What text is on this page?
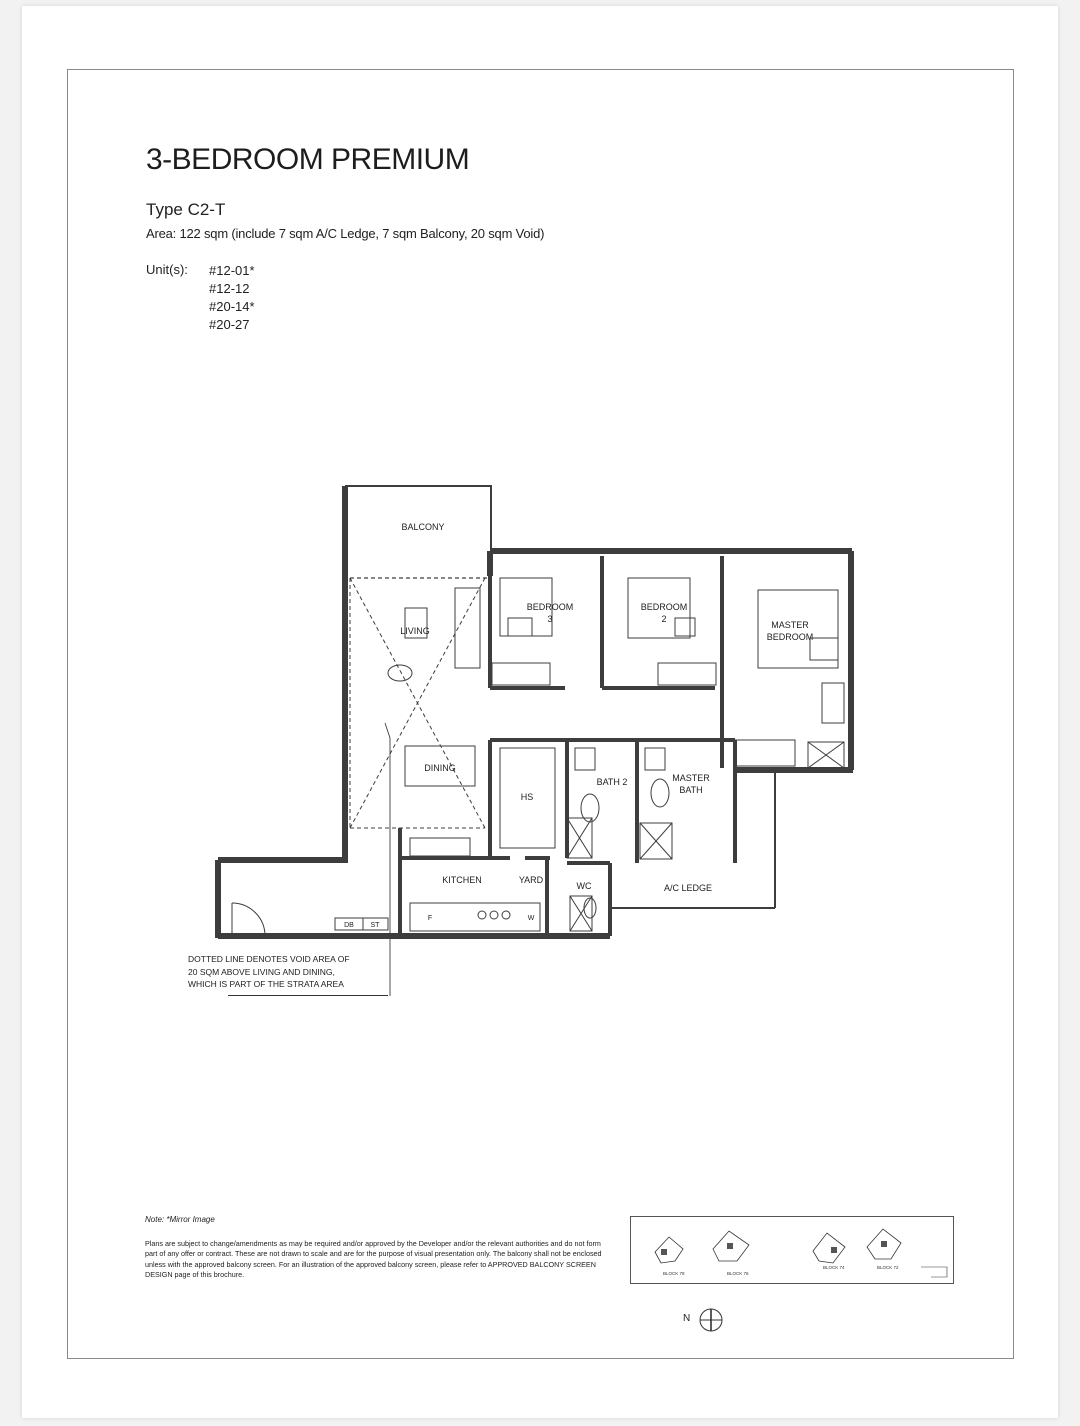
3-BEDROOM PREMIUM
Type C2-T
Area: 122 sqm (include 7 sqm A/C Ledge, 7 sqm Balcony, 20 sqm Void)
Unit(s): #12-01*
#12-12
#20-14*
#20-27
BALCONY
LIVING
DINING
BEDROOM
3
BEDROOM
2
MASTER
BEDROOM
HS
BATH 2	MASTER
BATH
KITCHEN	YARD
WC	A/C LEDGE
DB ST
F	W
DOTTED LINE DENOTES VOID AREA OF 20 SQM ABOVE LIVING AND DINING, WHICH IS PART OF THE STRATA AREA
Note: *Mirror Image
Plans are subject to change/amendments as may be required and/or approved by the Developer and/or the relevant authorities and do not form part of any offer or contract. These are not drawn to scale and are for the purpose of visual presentation only. The balcony shall not be enclosed unless with the approved balcony screen. For an illustration of the approved balcony screen, please refer to APPROVED BALCONY SCREEN DESIGN page of this brochure.	BLOCK 78	BLOCK 76
BLOCK 74	BLOCK 72
N
